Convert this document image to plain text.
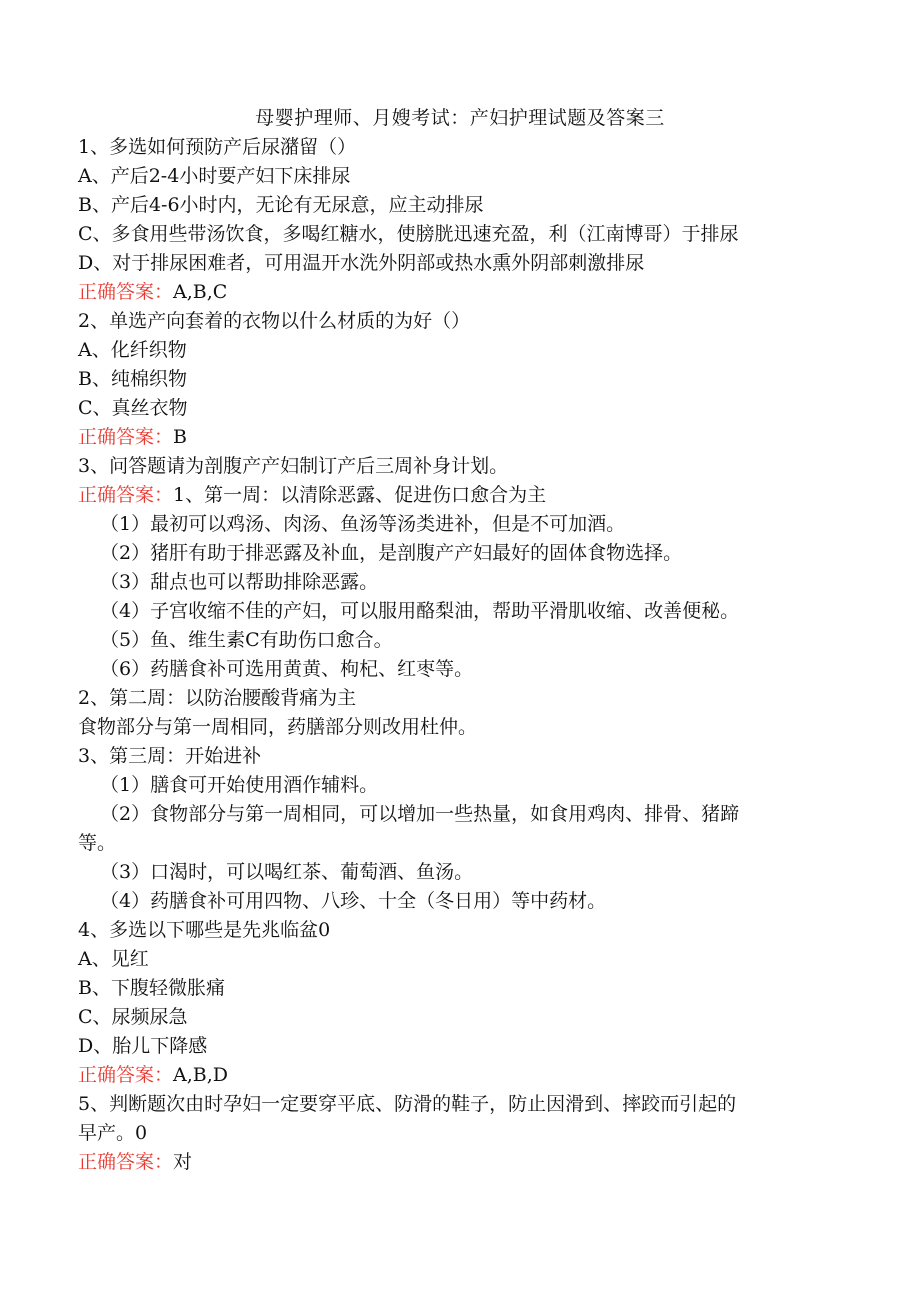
母婴护理师、月嫂考试：产妇护理试题及答案三
1、多选如何预防产后尿潴留（）
A、产后2-4小时要产妇下床排尿
B、产后4-6小时内，无论有无尿意，应主动排尿
C、多食用些带汤饮食，多喝红糖水，使膀胱迅速充盈，利（江南博哥）于排尿
D、对于排尿困难者，可用温开水洗外阴部或热水熏外阴部刺激排尿
正确答案：A,B,C
2、单选产向套着的衣物以什么材质的为好（）
A、化纤织物
B、纯棉织物
C、真丝衣物
正确答案：B
3、问答题请为剖腹产产妇制订产后三周补身计划。
正确答案：1、第一周：以清除恶露、促进伤口愈合为主
（1）最初可以鸡汤、肉汤、鱼汤等汤类进补，但是不可加酒。
（2）猪肝有助于排恶露及补血，是剖腹产产妇最好的固体食物选择。
（3）甜点也可以帮助排除恶露。
（4）子宫收缩不佳的产妇，可以服用酪梨油，帮助平滑肌收缩、改善便秘。
（5）鱼、维生素C有助伤口愈合。
（6）药膳食补可选用黄黄、枸杞、红枣等。
2、第二周：以防治腰酸背痛为主
食物部分与第一周相同，药膳部分则改用杜仲。
3、第三周：开始进补
（1）膳食可开始使用酒作辅料。
（2）食物部分与第一周相同，可以增加一些热量，如食用鸡肉、排骨、猪蹄
等。
（3）口渴时，可以喝红茶、葡萄酒、鱼汤。
（4）药膳食补可用四物、八珍、十全（冬日用）等中药材。
4、多选以下哪些是先兆临盆0
A、见红
B、下腹轻微胀痛
C、尿频尿急
D、胎儿下降感
正确答案：A,B,D
5、判断题次由时孕妇一定要穿平底、防滑的鞋子，防止因滑到、摔跤而引起的
早产。0
正确答案：对
